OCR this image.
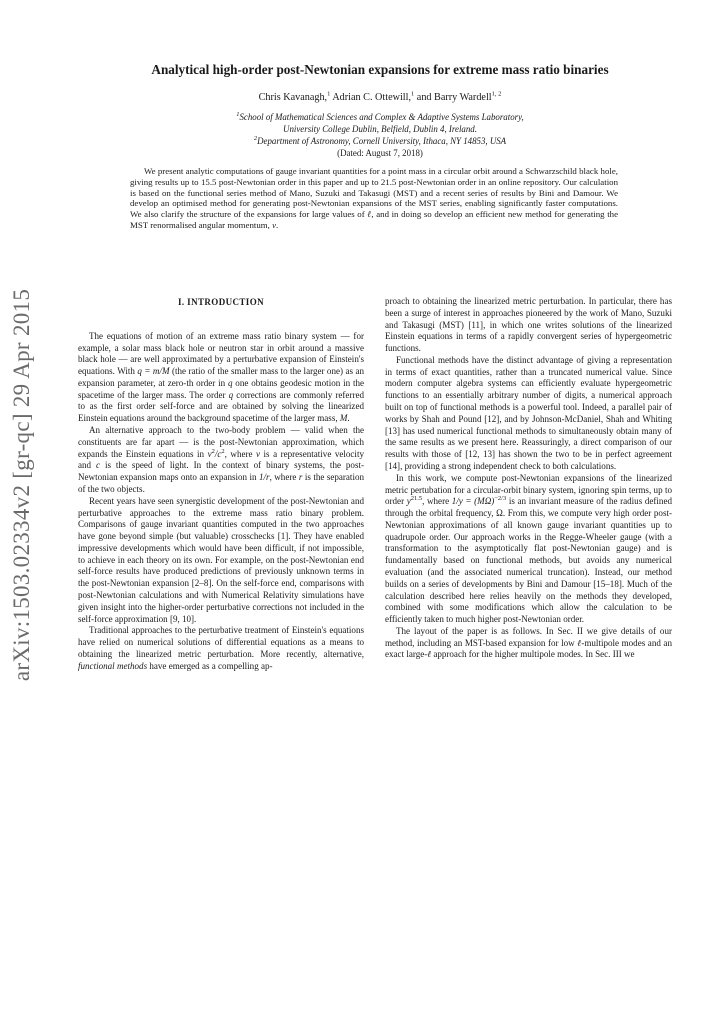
arXiv:1503.02334v2 [gr-qc] 29 Apr 2015
Analytical high-order post-Newtonian expansions for extreme mass ratio binaries
Chris Kavanagh,$^1$ Adrian C. Ottewill,$^1$ and Barry Wardell$^{1, 2}$
$^1$School of Mathematical Sciences and Complex & Adaptive Systems Laboratory,
University College Dublin, Belfield, Dublin 4, Ireland.
$^2$Department of Astronomy, Cornell University, Ithaca, NY 14853, USA
(Dated: August 7, 2018)

We present analytic computations of gauge invariant quantities for a point mass in a circular orbit around a Schwarzschild black hole, giving results up to 15.5 post-Newtonian order in this paper and up to 21.5 post-Newtonian order in an online repository. Our calculation is based on the functional series method of Mano, Suzuki and Takasugi (MST) and a recent series of results by Bini and Damour. We develop an optimised method for generating post-Newtonian expansions of the MST series, enabling significantly faster computations. We also clarify the structure of the expansions for large values of ℓ, and in doing so develop an efficient new method for generating the MST renormalised angular momentum, ν.

I. INTRODUCTION

The equations of motion of an extreme mass ratio binary system — for example, a solar mass black hole or neutron star in orbit around a massive black hole — are well approximated by a perturbative expansion of Einstein's equations. With q = m/M (the ratio of the smaller mass to the larger one) as an expansion parameter, at zero-th order in q one obtains geodesic motion in the spacetime of the larger mass. The order q corrections are commonly referred to as the first order self-force and are obtained by solving the linearized Einstein equations around the background spacetime of the larger mass, M.

An alternative approach to the two-body problem — valid when the constituents are far apart — is the post-Newtonian approximation, which expands the Einstein equations in $v^2/c^2$, where v is a representative velocity and c is the speed of light. In the context of binary systems, the post-Newtonian expansion maps onto an expansion in 1/r, where r is the separation of the two objects.

Recent years have seen synergistic development of the post-Newtonian and perturbative approaches to the extreme mass ratio binary problem. Comparisons of gauge invariant quantities computed in the two approaches have gone beyond simple (but valuable) crosschecks [1]. They have enabled impressive developments which would have been difficult, if not impossible, to achieve in each theory on its own. For example, on the post-Newtonian end self-force results have produced predictions of previously unknown terms in the post-Newtonian expansion [2–8]. On the self-force end, comparisons with post-Newtonian calculations and with Numerical Relativity simulations have given insight into the higher-order perturbative corrections not included in the self-force approximation [9, 10].

Traditional approaches to the perturbative treatment of Einstein's equations have relied on numerical solutions of differential equations as a means to obtaining the linearized metric perturbation. More recently, alternative, functional methods have emerged as a compelling ap-

proach to obtaining the linearized metric perturbation. In particular, there has been a surge of interest in approaches pioneered by the work of Mano, Suzuki and Takasugi (MST) [11], in which one writes solutions of the linearized Einstein equations in terms of a rapidly convergent series of hypergeometric functions.

Functional methods have the distinct advantage of giving a representation in terms of exact quantities, rather than a truncated numerical value. Since modern computer algebra systems can efficiently evaluate hypergeometric functions to an essentially arbitrary number of digits, a numerical approach built on top of functional methods is a powerful tool. Indeed, a parallel pair of works by Shah and Pound [12], and by Johnson-McDaniel, Shah and Whiting [13] has used numerical functional methods to simultaneously obtain many of the same results as we present here. Reassuringly, a direct comparison of our results with those of [12, 13] has shown the two to be in perfect agreement [14], providing a strong independent check to both calculations.

In this work, we compute post-Newtonian expansions of the linearized metric pertubation for a circular-orbit binary system, ignoring spin terms, up to order $y^{21.5}$, where $1/y = (M\Omega)^{-2/3}$ is an invariant measure of the radius defined through the orbital frequency, Ω. From this, we compute very high order post-Newtonian approximations of all known gauge invariant quantities up to quadrupole order. Our approach works in the Regge-Wheeler gauge (with a transformation to the asymptotically flat post-Newtonian gauge) and is fundamentally based on functional methods, but avoids any numerical evaluation (and the associated numerical truncation). Instead, our method builds on a series of developments by Bini and Damour [15–18]. Much of the calculation described here relies heavily on the methods they developed, combined with some modifications which allow the calculation to be efficiently taken to much higher post-Newtonian order.

The layout of the paper is as follows. In Sec. II we give details of our method, including an MST-based expansion for low ℓ-multipole modes and an exact large-ℓ approach for the higher multipole modes. In Sec. III we
